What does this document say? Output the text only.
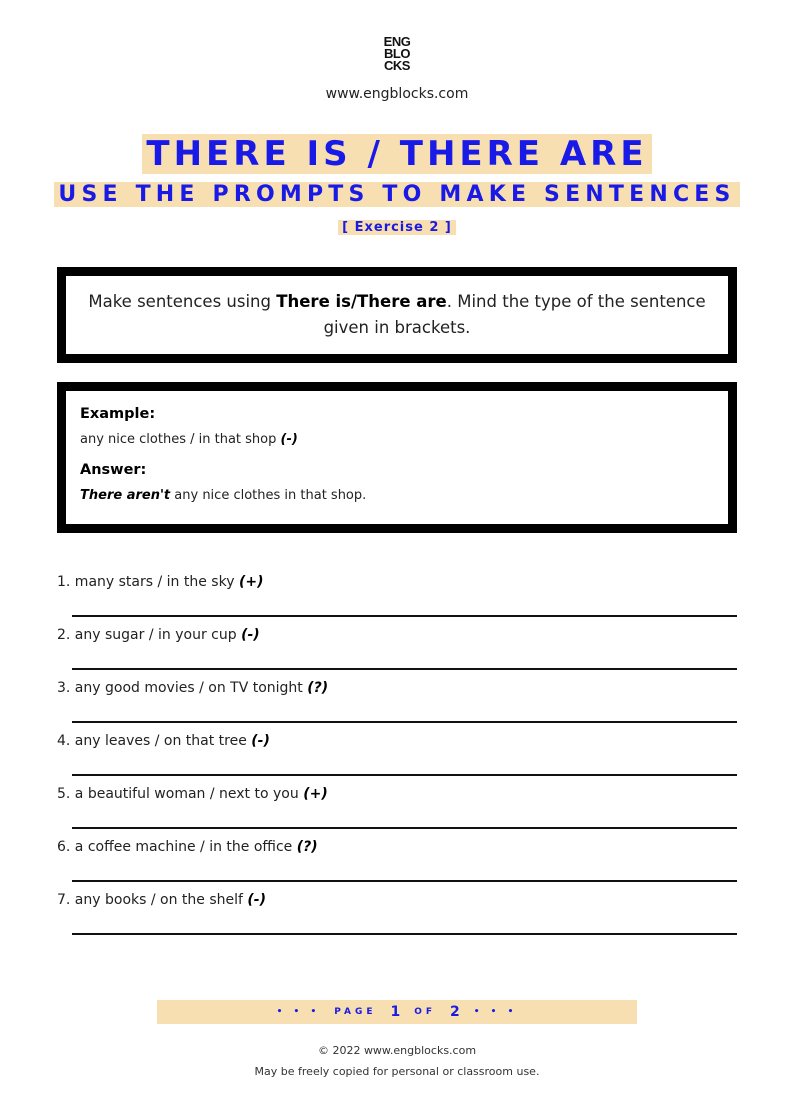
ENG
BLO
CKS
www.engblocks.com
THERE IS / THERE ARE
USE THE PROMPTS TO MAKE SENTENCES
[ Exercise 2 ]
Make sentences using There is/There are. Mind the type of the sentence given in brackets.

Example:

any nice clothes / in that shop (-)

Answer:

There aren't any nice clothes in that shop.

1. many stars / in the sky (+)
2. any sugar / in your cup (-)
3. any good movies / on TV tonight (?)
4. any leaves / on that tree (-)
5. a beautiful woman / next to you (+)
6. a coffee machine / in the office (?)
7. any books / on the shelf (-)
• • • PAGE 1 OF 2 • • •
© 2022 www.engblocks.com
May be freely copied for personal or classroom use.
